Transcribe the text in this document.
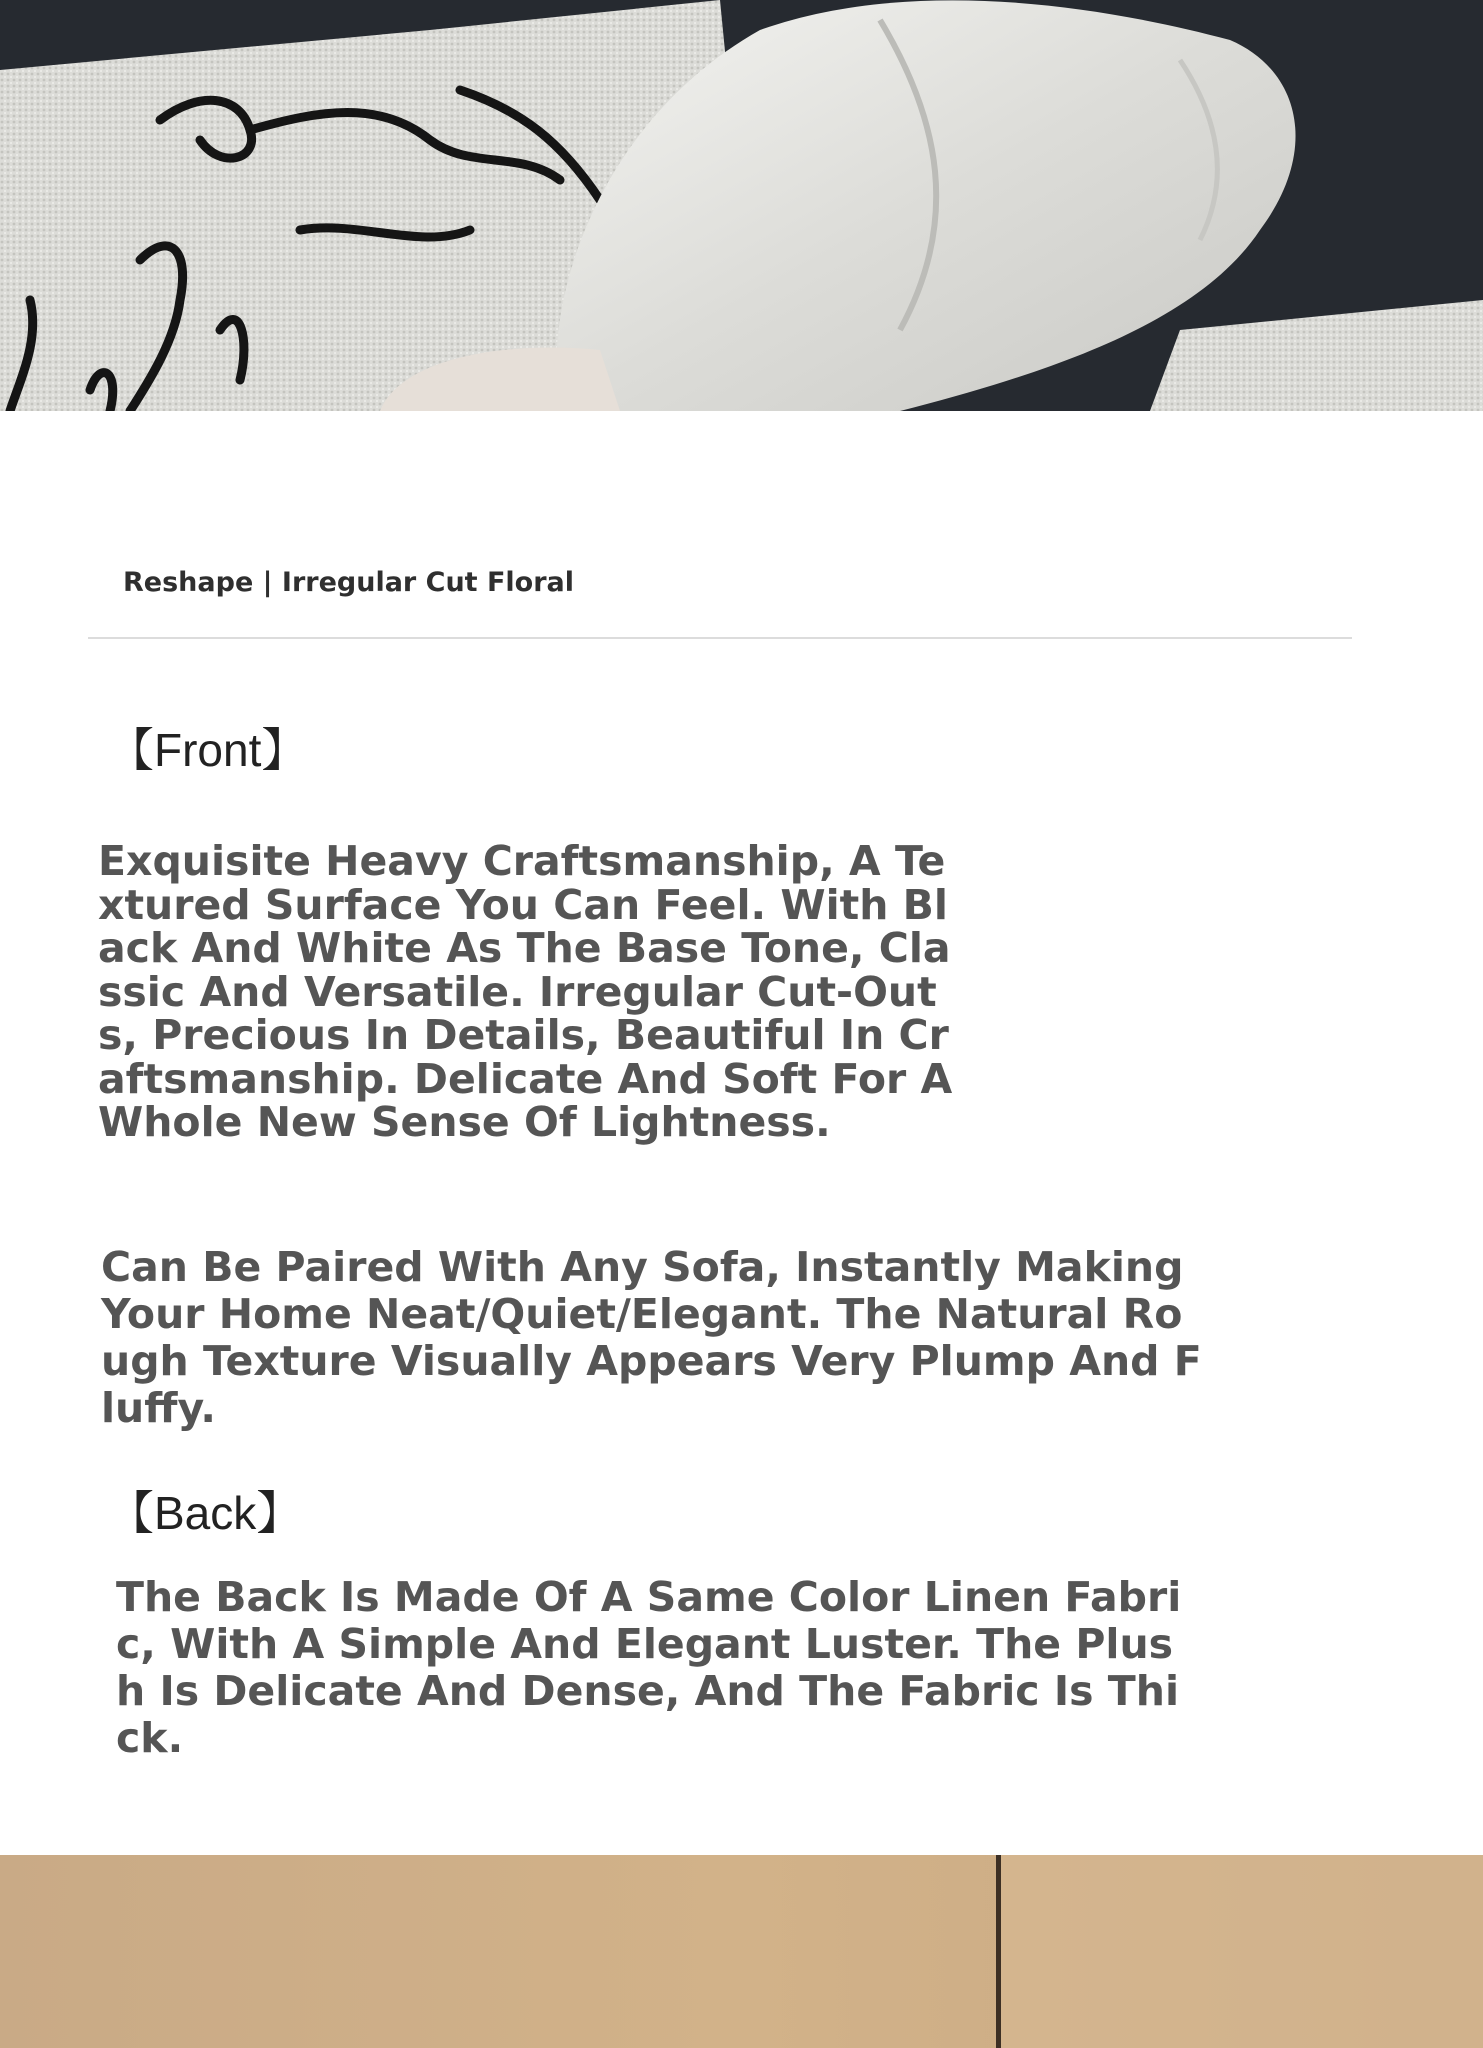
Reshape | Irregular Cut Floral
【Front】

Exquisite Heavy Craftsmanship, A Textured Surface You Can Feel. With Black And White As The Base Tone, Classic And Versatile. Irregular Cut-Outs, Precious In Details, Beautiful In Craftsmanship. Delicate And Soft For A Whole New Sense Of Lightness.

Can Be Paired With Any Sofa, Instantly Making Your Home Neat/Quiet/Elegant. The Natural Rough Texture Visually Appears Very Plump And Fluffy.

【Back】

The Back Is Made Of A Same Color Linen Fabric, With A Simple And Elegant Luster. The Plush Is Delicate And Dense, And The Fabric Is Thick.
